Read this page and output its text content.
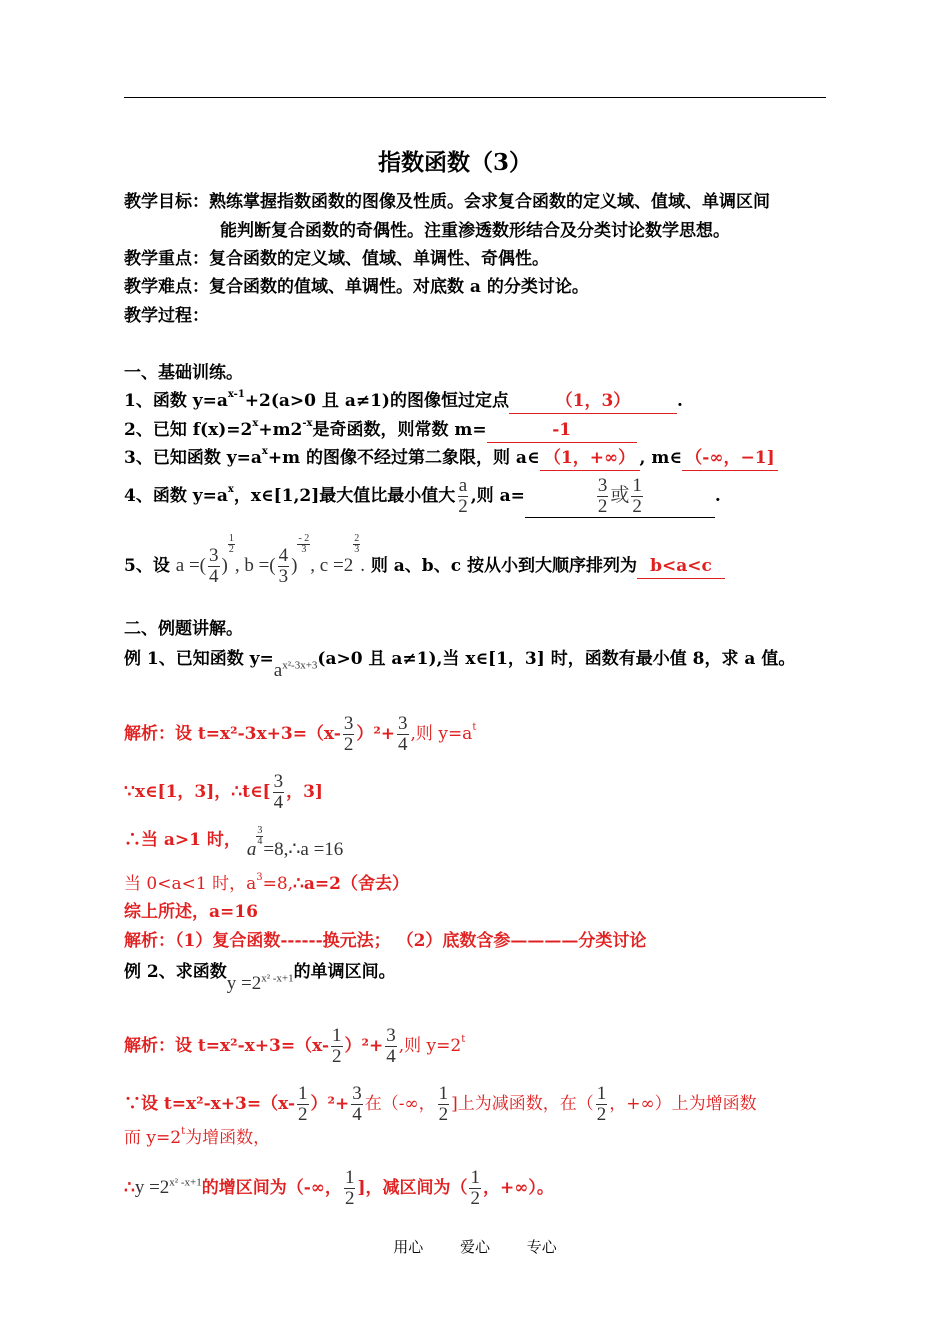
指数函数（3）
教学目标：熟练掌握指数函数的图像及性质。会求复合函数的定义域、值域、单调区间
能判断复合函数的奇偶性。注重渗透数形结合及分类讨论数学思想。
教学重点：复合函数的定义域、值域、单调性、奇偶性。
教学难点：复合函数的值域、单调性。对底数 a 的分类讨论。
教学过程：
一、基础训练。
1、函数 $y=a^{x-1}+2(a>0$ 且 a≠1)的图像恒过定点	（1，3）	.
2、已知 $f(x)=2^x+m2^{-x}$是奇函数，则常数 m=	-1
3、已知函数 $y=a^x+m$ 的图像不经过第二象限，则 a∈ （1，+∞） , m∈ （-∞，−1]
4、函数 $y=a^x$，x∈[1,2]最大值比最小值大 $\frac{a}{2}$ ,则 a=	$\frac{3}{2}$ 或 $\frac{1}{2}$	.
5、设 a =( $\frac{3}{4}$ )
$\frac{1}{2}$
, b =( $\frac{4}{3}$ )
$\frac{- 2}{3}$
, c =2
$\frac{2}{3}$
. 则 a、b、c 按从小到大顺序排列为 b<a<c
二、例题讲解。
例 1、已知函数 $y=a^{x^2-3x+3}(a>0$ 且 a≠1),当 x∈[1，3] 时，函数有最小值 8，求 a 值。
解析：设 $t=x^2-3x+3=(x- \frac{3}{2} )^2+ \frac{3}{4}$ ,则 $y=a^t$
∵x∈[1，3]，∴t∈[ $\frac{3}{4}$ ，3]
∴当 a>1 时， a
$\frac{3}{4}$
=8,∴a =16
当 0<a<1 时，$a^3=8,\therefore a=2$（舍去）
综上所述，a=16
解析：（1）复合函数------换元法； （2）底数含参————分类讨论
例 2、求函数$y =2^{x^2 -x+1}$的单调区间。
解析：设 $t=x^2-x+3=(x- \frac{1}{2} )^2+ \frac{3}{4}$ ,则 $y=2^t$
∵设 $t=x^2-x+3=(x- \frac{1}{2} )^2+ \frac{3}{4}$ 在（-∞， $\frac{1}{2}$ ]上为减函数，在（ $\frac{1}{2}$ ，+∞）上为增函数
而 $y=2^t$为增函数，
∴y $=2^{x^2 -x+1}$的增区间为（-∞， $\frac{1}{2}$ ]，减区间为（ $\frac{1}{2}$ ，+∞）。
用心 爱心 专心
